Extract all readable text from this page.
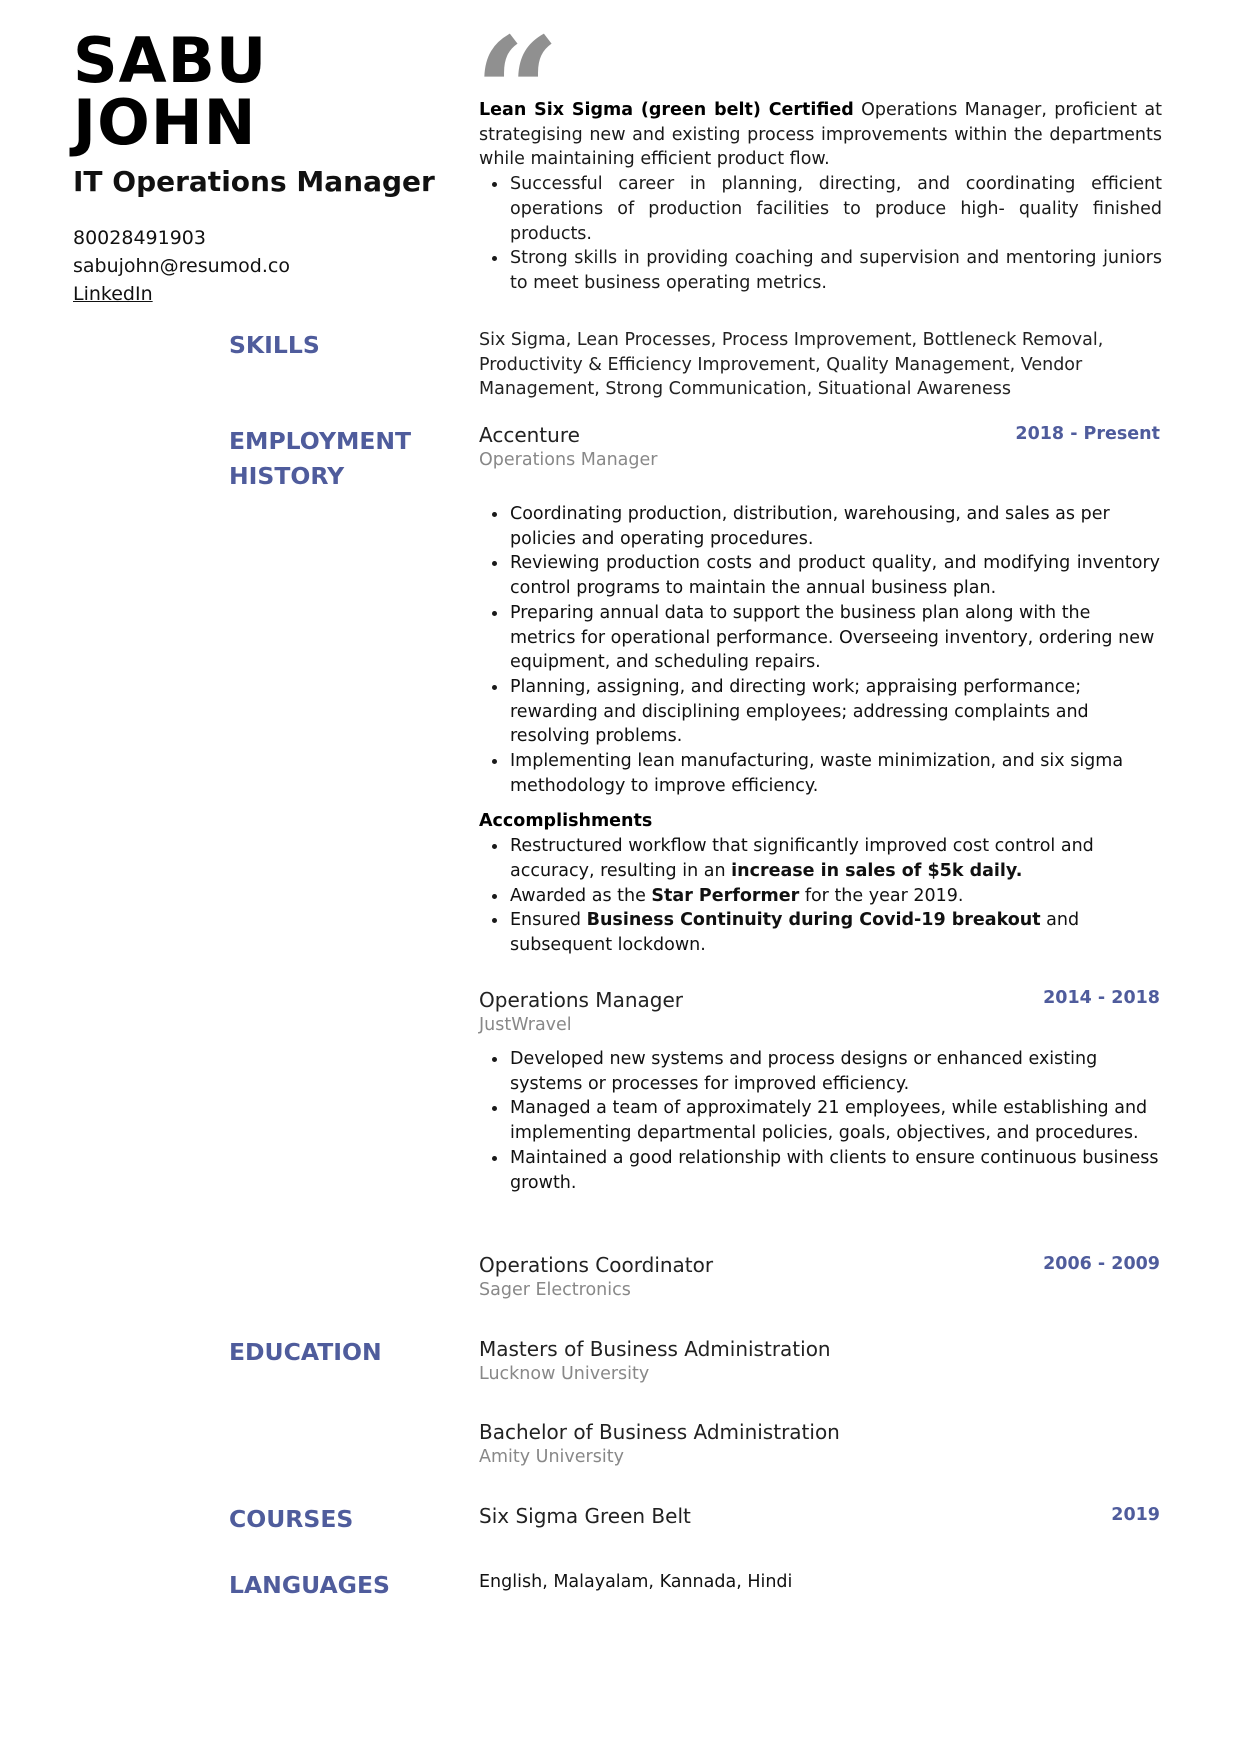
SABU
JOHN
IT Operations Manager
80028491903
sabujohn@resumod.co
LinkedIn
“
Lean Six Sigma (green belt) Certified Operations Manager, proficient at strategising new and existing process improvements within the departments while maintaining efficient product flow.
Successful career in planning, directing, and coordinating efficient operations of production facilities to produce high- quality finished products.
Strong skills in providing coaching and supervision and mentoring juniors to meet business operating metrics.
SKILLS	Six Sigma, Lean Processes, Process Improvement, Bottleneck Removal, Productivity & Efficiency Improvement, Quality Management, Vendor Management, Strong Communication, Situational Awareness
EMPLOYMENT
HISTORY
Accenture	2018 - Present
Operations Manager
Coordinating production, distribution, warehousing, and sales as per policies and operating procedures.
Reviewing production costs and product quality, and modifying inventory control programs to maintain the annual business plan.
Preparing annual data to support the business plan along with the metrics for operational performance. Overseeing inventory, ordering new equipment, and scheduling repairs.
Planning, assigning, and directing work; appraising performance; rewarding and disciplining employees; addressing complaints and resolving problems.
Implementing lean manufacturing, waste minimization, and six sigma methodology to improve efficiency.
Accomplishments
Restructured workflow that significantly improved cost control and accuracy, resulting in an increase in sales of $5k daily.
Awarded as the Star Performer for the year 2019.
Ensured Business Continuity during Covid-19 breakout and subsequent lockdown.
Operations Manager	2014 - 2018
JustWravel
Developed new systems and process designs or enhanced existing systems or processes for improved efficiency.
Managed a team of approximately 21 employees, while establishing and implementing departmental policies, goals, objectives, and procedures.
Maintained a good relationship with clients to ensure continuous business growth.
Operations Coordinator	2006 - 2009
Sager Electronics
EDUCATION	Masters of Business Administration
Lucknow University
Bachelor of Business Administration
Amity University
COURSES	Six Sigma Green Belt	2019
LANGUAGES	English, Malayalam, Kannada, Hindi
